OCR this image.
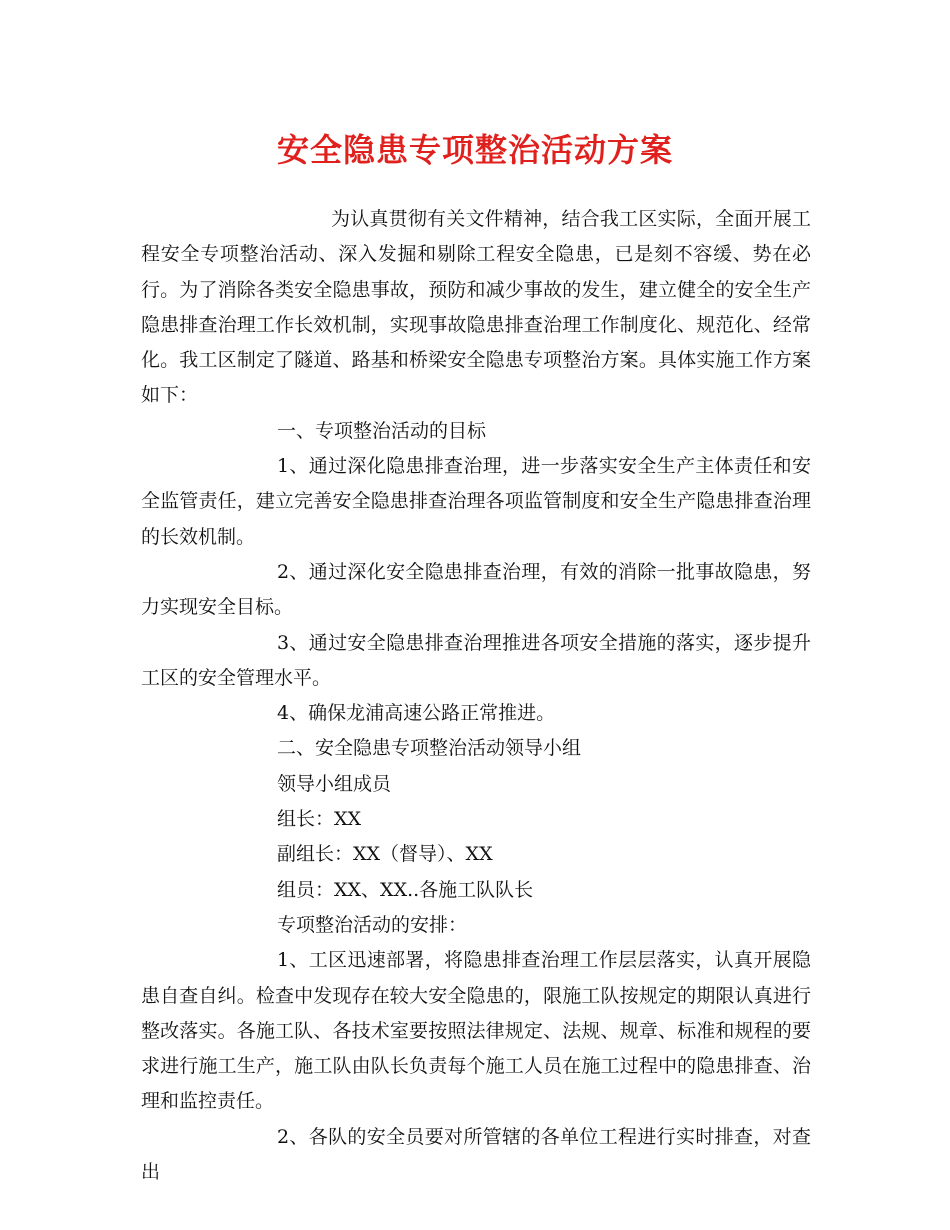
安全隐患专项整治活动方案

为认真贯彻有关文件精神，结合我工区实际，全面开展工程安全专项整治活动、深入发掘和剔除工程安全隐患，已是刻不容缓、势在必行。为了消除各类安全隐患事故，预防和减少事故的发生，建立健全的安全生产隐患排查治理工作长效机制，实现事故隐患排查治理工作制度化、规范化、经常化。我工区制定了隧道、路基和桥梁安全隐患专项整治方案。具体实施工作方案如下：

一、专项整治活动的目标

1、通过深化隐患排查治理，进一步落实安全生产主体责任和安全监管责任，建立完善安全隐患排查治理各项监管制度和安全生产隐患排查治理的长效机制。

2、通过深化安全隐患排查治理，有效的消除一批事故隐患，努力实现安全目标。

3、通过安全隐患排查治理推进各项安全措施的落实，逐步提升工区的安全管理水平。

4、确保龙浦高速公路正常推进。

二、安全隐患专项整治活动领导小组

领导小组成员

组长：XX

副组长：XX（督导）、XX

组员：XX、XX..各施工队队长

专项整治活动的安排：

1、工区迅速部署，将隐患排查治理工作层层落实，认真开展隐患自查自纠。检查中发现存在较大安全隐患的，限施工队按规定的期限认真进行整改落实。各施工队、各技术室要按照法律规定、法规、规章、标准和规程的要求进行施工生产，施工队由队长负责每个施工人员在施工过程中的隐患排查、治理和监控责任。

2、各队的安全员要对所管辖的各单位工程进行实时排查，对查出
